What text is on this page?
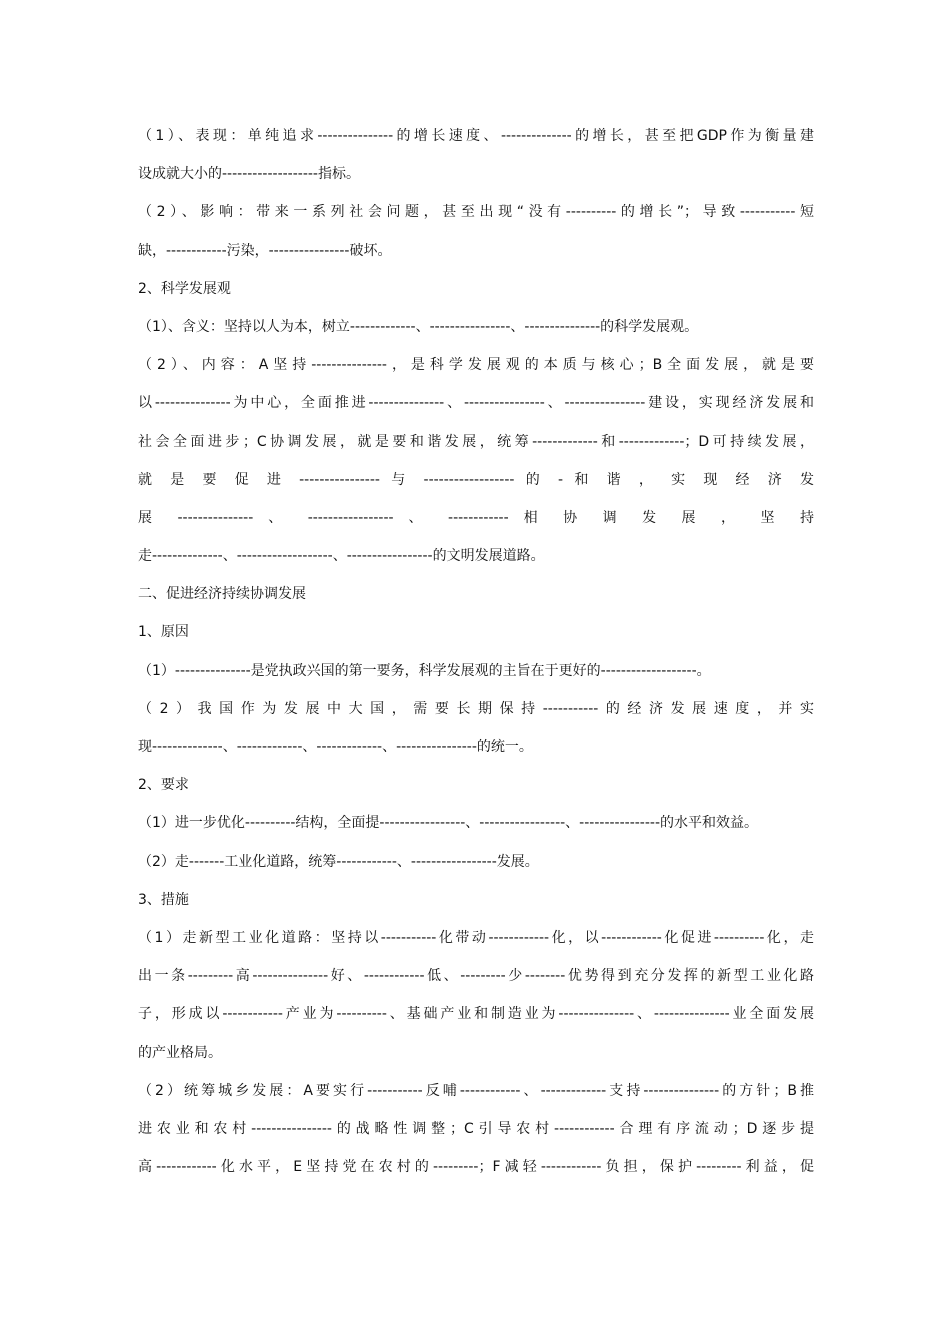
（1）、表现：单纯追求---------------的增长速度、--------------的增长，甚至把GDP作为衡量建
设成就大小的-------------------指标。
（2）、影响：带来一系列社会问题，甚至出现“没有----------的增长”；导致-----------短
缺，------------污染，----------------破坏。
2、科学发展观
（1）、含义：坚持以人为本，树立-------------、----------------、---------------的科学发展观。
（2）、内容：A坚持---------------，是科学发展观的本质与核心；B全面发展，就是要
以---------------为中心，全面推进---------------、----------------、----------------建设，实现经济发展和
社会全面进步；C协调发展，就是要和谐发展，统筹-------------和-------------；D可持续发展，
就 是 要 促 进 ---------------- 与 ------------------ 的 - 和 谐 ， 实 现 经 济 发
展 --------------- 、 ----------------- 、 ------------ 相 协 调 发 展 ， 坚 持
走--------------、-------------------、-----------------的文明发展道路。
二、促进经济持续协调发展
1、原因
（1）---------------是党执政兴国的第一要务，科学发展观的主旨在于更好的-------------------。
（2）我国作为发展中大国，需要长期保持-----------的经济发展速度，并实
现--------------、-------------、-------------、----------------的统一。
2、要求
（1）进一步优化----------结构，全面提-----------------、-----------------、----------------的水平和效益。
（2）走-------工业化道路，统筹------------、-----------------发展。
3、措施
（1）走新型工业化道路：坚持以-----------化带动------------化，以------------化促进----------化，走
出一条---------高---------------好、------------低、---------少--------优势得到充分发挥的新型工业化路
子，形成以------------产业为----------、基础产业和制造业为---------------、---------------业全面发展
的产业格局。
（2）统筹城乡发展：A要实行-----------反哺------------、-------------支持---------------的方针；B推
进农业和农村----------------的战略性调整；C引导农村------------合理有序流动；D逐步提
高------------化水平，E坚持党在农村的---------；F减轻------------负担，保护---------利益，促
